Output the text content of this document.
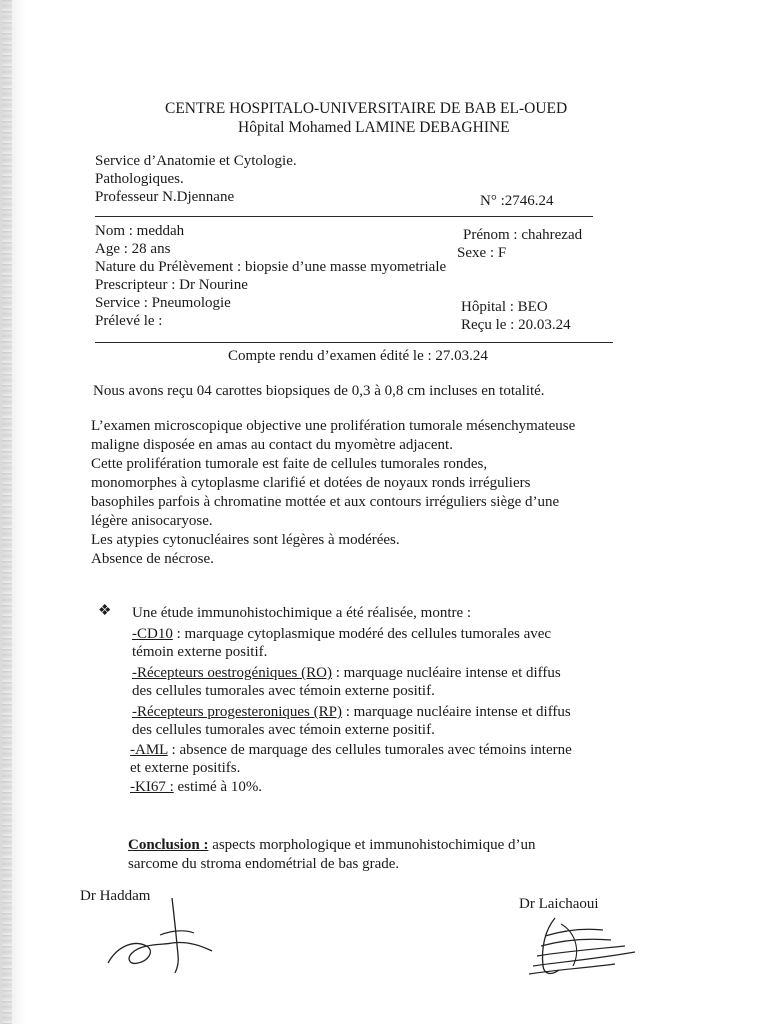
CENTRE HOSPITALO-UNIVERSITAIRE DE BAB EL-OUED
Hôpital Mohamed LAMINE DEBAGHINE
Service d’Anatomie et Cytologie.
Pathologiques.
Professeur N.Djennane	N° :2746.24
Nom : meddah	Prénom : chahrezad
Age : 28 ans	Sexe : F
Nature du Prélèvement : biopsie d’une masse myometriale
Prescripteur : Dr Nourine
Service : Pneumologie	Hôpital : BEO
Prélevé le :	Reçu le : 20.03.24
Compte rendu d’examen édité le : 27.03.24
Nous avons reçu 04 carottes biopsiques de 0,3 à 0,8 cm incluses en totalité.
L’examen microscopique objective une prolifération tumorale mésenchymateuse
maligne disposée en amas au contact du myomètre adjacent.
Cette prolifération tumorale est faite de cellules tumorales rondes,
monomorphes à cytoplasme clarifié et dotées de noyaux ronds irréguliers
basophiles parfois à chromatine mottée et aux contours irréguliers siège d’une
légère anisocaryose.
Les atypies cytonucléaires sont légères à modérées.
Absence de nécrose.
❖ Une étude immunohistochimique a été réalisée, montre :
-CD10 : marquage cytoplasmique modéré des cellules tumorales avec
témoin externe positif.
-Récepteurs oestrogéniques (RO) : marquage nucléaire intense et diffus
des cellules tumorales avec témoin externe positif.
-Récepteurs progesteroniques (RP) : marquage nucléaire intense et diffus
des cellules tumorales avec témoin externe positif.
-AML : absence de marquage des cellules tumorales avec témoins interne
et externe positifs.
-KI67 : estimé à 10%.
Conclusion : aspects morphologique et immunohistochimique d’un
sarcome du stroma endométrial de bas grade.
Dr Haddam	Dr Laichaoui
